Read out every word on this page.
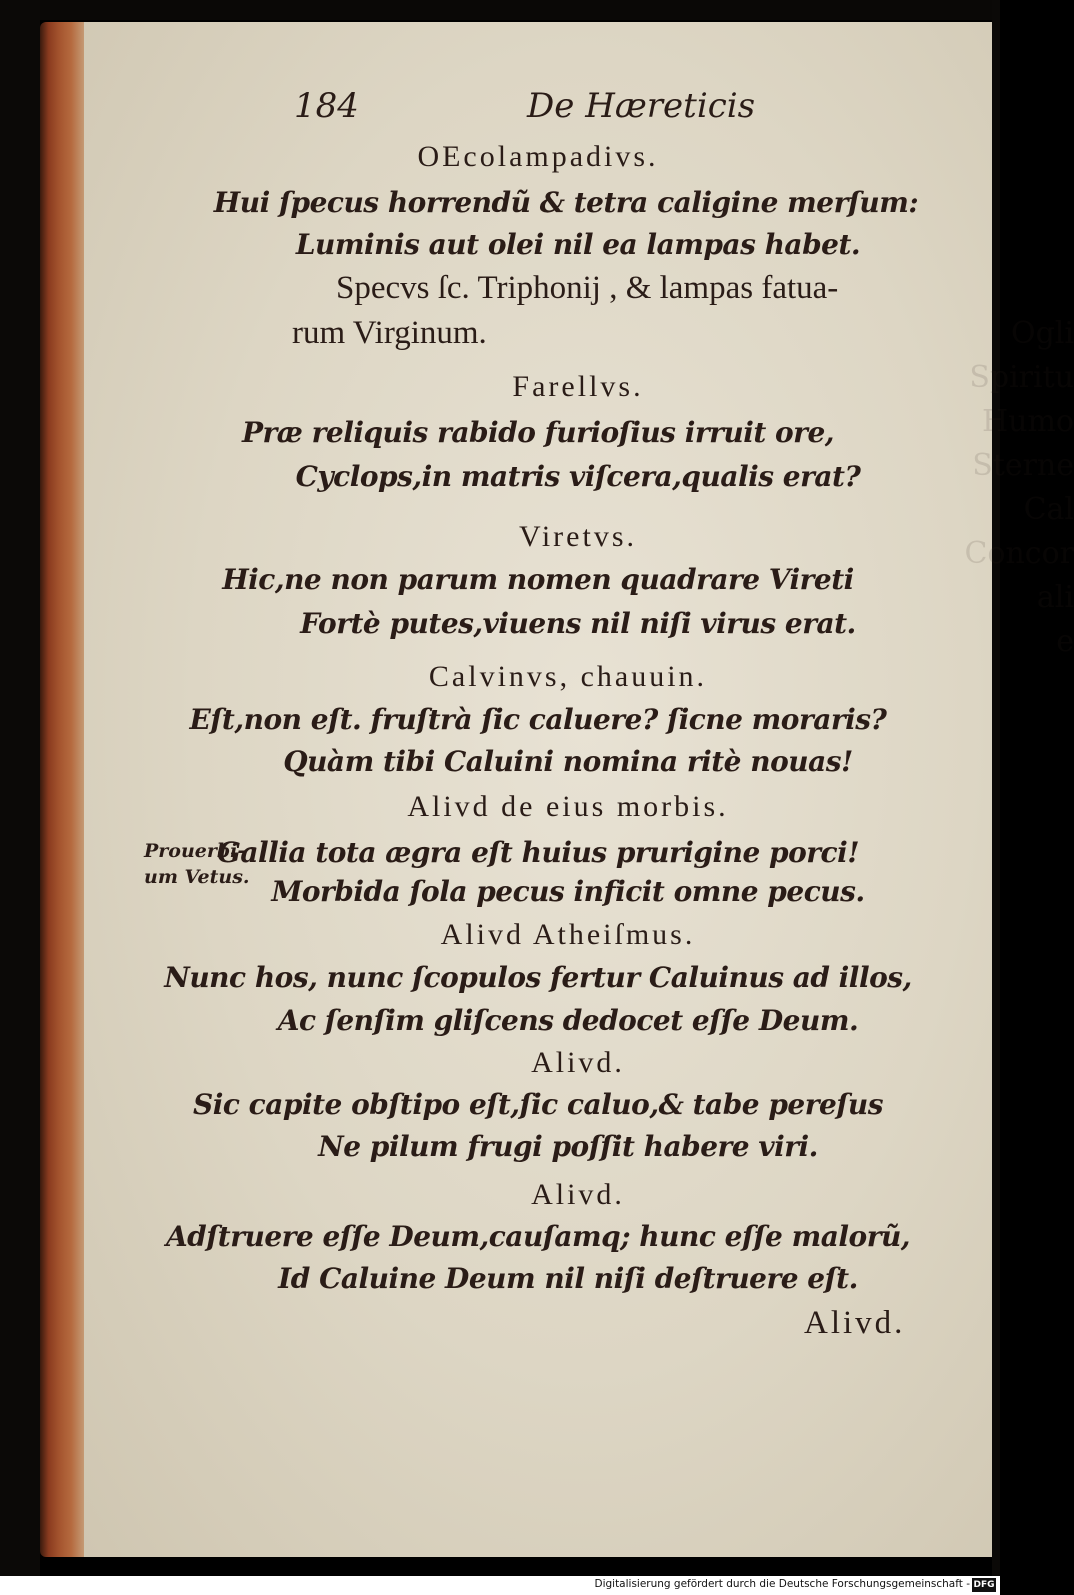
Ogli
Spiritu
Humo
Sterne
Cal
Concor
ali
e
184	De Hæreticis
OEcolampadivs.
Hui ſpecus horrendũ & tetra caligine merſum:
Luminis aut olei nil ea lampas habet.
Specvs ſc. Triphonij , & lampas fatua-
rum Virginum.
Farellvs.
Præ reliquis rabido furioſius irruit ore,
Cyclops,in matris viſcera,qualis erat?
Viretvs.
Hic,ne non parum nomen quadrare Vireti
Fortè putes,viuens nil niſi virus erat.
Calvinvs, chauuin.
Eſt,non eſt. fruſtrà ſic caluere? ſicne moraris?
Quàm tibi Caluini nomina ritè nouas!
Alivd de eius morbis.
Prouerbi-
um Vetus.
Gallia tota ægra eſt huius prurigine porci!
Morbida ſola pecus inficit omne pecus.
Alivd Atheiſmus.
Nunc hos, nunc ſcopulos fertur Caluinus ad illos,
Ac ſenſim gliſcens dedocet eſſe Deum.
Alivd.
Sic capite obſtipo eſt,ſic caluo,& tabe pereſus
Ne pilum frugi poſſit habere viri.
Alivd.
Adſtruere eſſe Deum,cauſamq; hunc eſſe malorũ,
Id Caluine Deum nil niſi deſtruere eſt.
Alivd.
Digitalisierung gefördert durch die Deutsche Forschungsgemeinschaft - DFG
